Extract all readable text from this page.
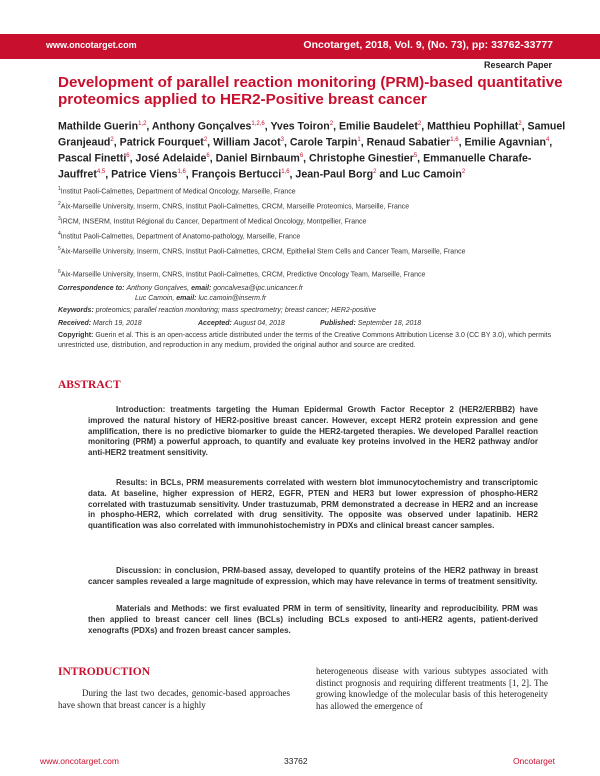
www.oncotarget.com	Oncotarget, 2018, Vol. 9, (No. 73), pp: 33762-33777
Research Paper
Development of parallel reaction monitoring (PRM)-based quantitative proteomics applied to HER2-Positive breast cancer
Mathilde Guerin$^{1,2}$, Anthony Gonçalves$^{1,2,6}$, Yves Toiron$^2$, Emilie Baudelet$^2$, Matthieu Pophillat$^2$, Samuel Granjeaud$^2$, Patrick Fourquet$^2$, William Jacot$^3$, Carole Tarpin$^1$, Renaud Sabatier$^{1,6}$, Emilie Agavnian$^4$, Pascal Finetti$^6$, José Adelaide$^6$, Daniel Birnbaum$^6$, Christophe Ginestier$^5$, Emmanuelle Charafe-Jauffret$^{4,5}$, Patrice Viens$^{1,6}$, François Bertucci$^{1,6}$, Jean-Paul Borg$^2$ and Luc Camoin$^2$
$^1$Institut Paoli-Calmettes, Department of Medical Oncology, Marseille, France
$^2$Aix-Marseille University, Inserm, CNRS, Institut Paoli-Calmettes, CRCM, Marseille Proteomics, Marseille, France
$^3$IRCM, INSERM, Institut Régional du Cancer, Department of Medical Oncology, Montpellier, France
$^4$Institut Paoli-Calmettes, Department of Anatomo-pathology, Marseille, France
$^5$Aix-Marseille University, Inserm, CNRS, Institut Paoli-Calmettes, CRCM, Epithelial Stem Cells and Cancer Team, Marseille, France
$^6$Aix-Marseille University, Inserm, CNRS, Institut Paoli-Calmettes, CRCM, Predictive Oncology Team, Marseille, France
Correspondence to: Anthony Gonçalves, email: goncalvesa@ipc.unicancer.fr
Luc Camoin, email: luc.camoin@inserm.fr
Keywords: proteomics; parallel reaction monitoring; mass spectrometry; breast cancer; HER2-positive
Received: March 19, 2018	Accepted: August 04, 2018	Published: September 18, 2018
Copyright: Guerin et al. This is an open-access article distributed under the terms of the Creative Commons Attribution License 3.0 (CC BY 3.0), which permits unrestricted use, distribution, and reproduction in any medium, provided the original author and source are credited.
ABSTRACT

Introduction: treatments targeting the Human Epidermal Growth Factor Receptor 2 (HER2/ERBB2) have improved the natural history of HER2-positive breast cancer. However, except HER2 protein expression and gene amplification, there is no predictive biomarker to guide the HER2-targeted therapies. We developed Parallel reaction monitoring (PRM) a powerful approach, to quantify and evaluate key proteins involved in the HER2 pathway and/or anti-HER2 treatment sensitivity.

Results: in BCLs, PRM measurements correlated with western blot immunocytochemistry and transcriptomic data. At baseline, higher expression of HER2, EGFR, PTEN and HER3 but lower expression of phospho-HER2 correlated with trastuzumab sensitivity. Under trastuzumab, PRM demonstrated a decrease in HER2 and an increase in phospho-HER2, which correlated with drug sensitivity. The opposite was observed under lapatinib. HER2 quantification was also correlated with immunohistochemistry in PDXs and clinical breast cancer samples.

Discussion: in conclusion, PRM-based assay, developed to quantify proteins of the HER2 pathway in breast cancer samples revealed a large magnitude of expression, which may have relevance in terms of treatment sensitivity.

Materials and Methods: we first evaluated PRM in term of sensitivity, linearity and reproducibility. PRM was then applied to breast cancer cell lines (BCLs) including BCLs exposed to anti-HER2 agents, patient-derived xenografts (PDXs) and frozen breast cancer samples.

INTRODUCTION
During the last two decades, genomic-based approaches have shown that breast cancer is a highly
heterogeneous disease with various subtypes associated with distinct prognosis and requiring different treatments [1, 2]. The growing knowledge of the molecular basis of this heterogeneity has allowed the emergence of
www.oncotarget.com	33762	Oncotarget
